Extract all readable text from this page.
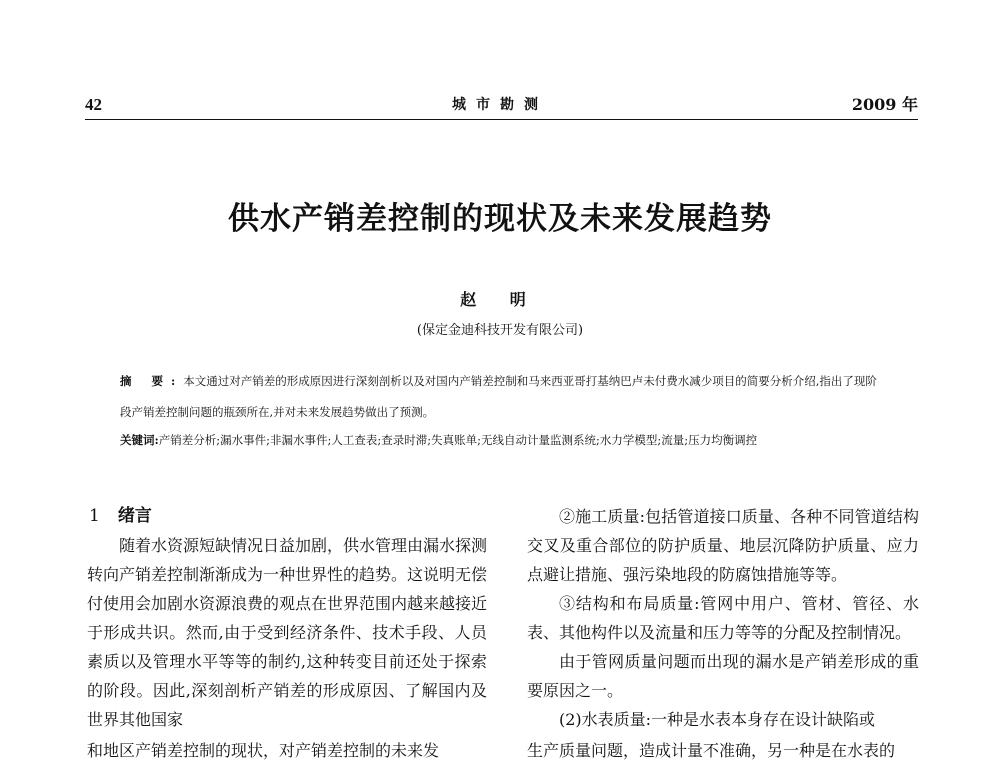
42	城市勘测	2009 年
供水产销差控制的现状及未来发展趋势
赵 明
(保定金迪科技开发有限公司)
摘 要:本文通过对产销差的形成原因进行深刻剖析以及对国内产销差控制和马来西亚哥打基纳巴卢未付费水减少项目的简要分析介绍,指出了现阶段产销差控制问题的瓶颈所在,并对未来发展趋势做出了预测。
关键词:产销差分析;漏水事件;非漏水事件;人工查表;查录时滞;失真账单;无线自动计量监测系统;水力学模型;流量;压力均衡调控
1 绪言

随着水资源短缺情况日益加剧，供水管理由漏水探测转向产销差控制渐渐成为一种世界性的趋势。这说明无偿付使用会加剧水资源浪费的观点在世界范围内越来越接近于形成共识。然而,由于受到经济条件、技术手段、人员素质以及管理水平等等的制约,这种转变目前还处于探索的阶段。因此,深刻剖析产销差的形成原因、了解国内及世界其他国家

②施工质量:包括管道接口质量、各种不同管道结构交叉及重合部位的防护质量、地层沉降防护质量、应力点避让措施、强污染地段的防腐蚀措施等等。

③结构和布局质量:管网中用户、管材、管径、水表、其他构件以及流量和压力等等的分配及控制情况。

由于管网质量问题而出现的漏水是产销差形成的重要原因之一。

(2)水表质量:一种是水表本身存在设计缺陷或

和地区产销差控制的现状，对产销差控制的未来发	生产质量问题，造成计量不准确，另一种是在水表的
